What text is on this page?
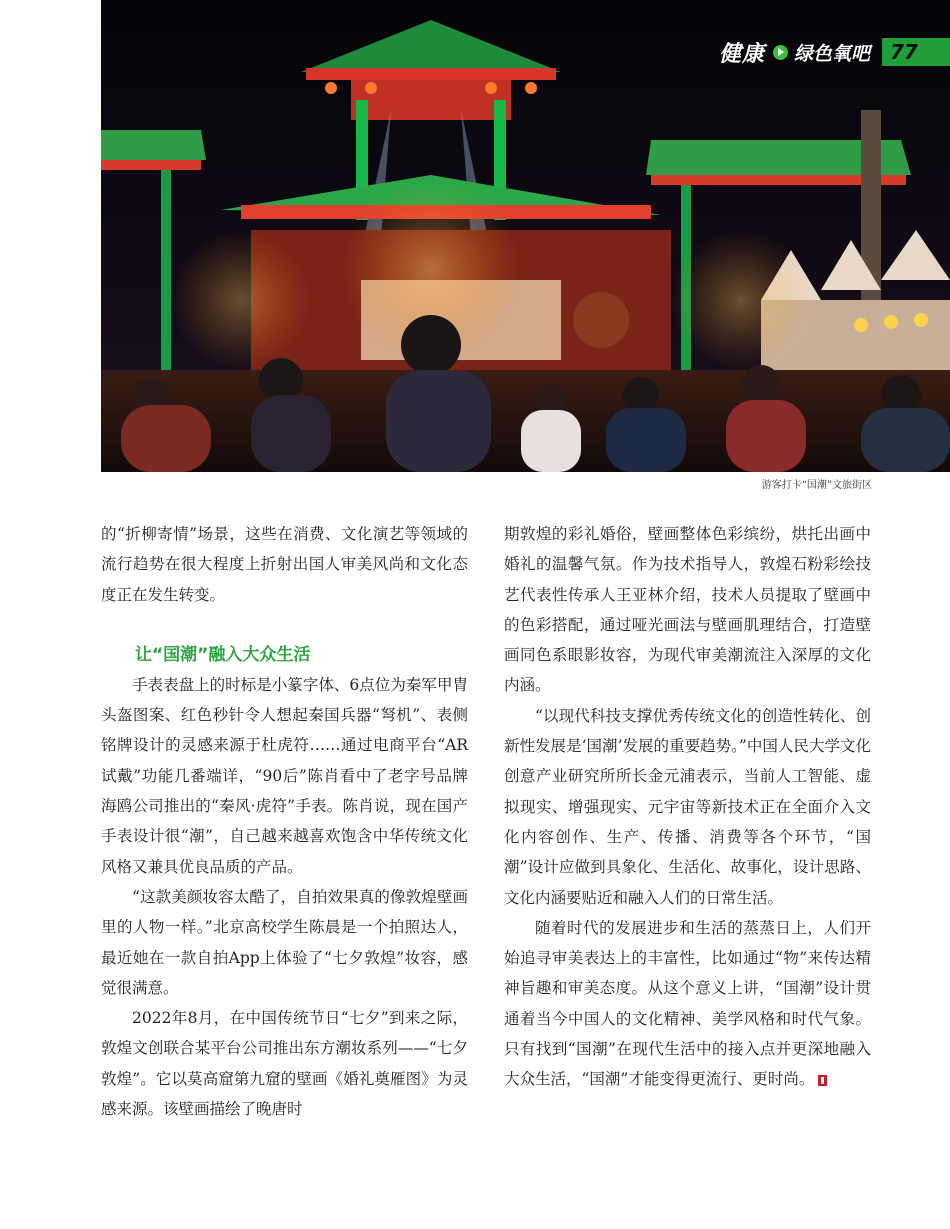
健康 绿色氧吧	77
游客打卡“国潮”文旅街区

的“折柳寄情”场景，这些在消费、文化演艺等领域的流行趋势在很大程度上折射出国人审美风尚和文化态度正在发生转变。

让“国潮”融入大众生活

手表表盘上的时标是小篆字体、6点位为秦军甲胄头盔图案、红色秒针令人想起秦国兵器“弩机”、表侧铭牌设计的灵感来源于杜虎符……通过电商平台“AR试戴”功能几番端详，“90后”陈肖看中了老字号品牌海鸥公司推出的“秦风·虎符”手表。陈肖说，现在国产手表设计很“潮”，自己越来越喜欢饱含中华传统文化风格又兼具优良品质的产品。

“这款美颜妆容太酷了，自拍效果真的像敦煌壁画里的人物一样。”北京高校学生陈晨是一个拍照达人，最近她在一款自拍App上体验了“七夕敦煌”妆容，感觉很满意。

2022年8月，在中国传统节日“七夕”到来之际，敦煌文创联合某平台公司推出东方潮妆系列——“七夕敦煌”。它以莫高窟第九窟的壁画《婚礼奠雁图》为灵感来源。该壁画描绘了晚唐时

期敦煌的彩礼婚俗，壁画整体色彩缤纷，烘托出画中婚礼的温馨气氛。作为技术指导人，敦煌石粉彩绘技艺代表性传承人王亚林介绍，技术人员提取了壁画中的色彩搭配，通过哑光画法与壁画肌理结合，打造壁画同色系眼影妆容，为现代审美潮流注入深厚的文化内涵。

“以现代科技支撑优秀传统文化的创造性转化、创新性发展是‘国潮’发展的重要趋势。”中国人民大学文化创意产业研究所所长金元浦表示，当前人工智能、虚拟现实、增强现实、元宇宙等新技术正在全面介入文化内容创作、生产、传播、消费等各个环节，“国潮”设计应做到具象化、生活化、故事化，设计思路、文化内涵要贴近和融入人们的日常生活。

随着时代的发展进步和生活的蒸蒸日上，人们开始追寻审美表达上的丰富性，比如通过“物”来传达精神旨趣和审美态度。从这个意义上讲，“国潮”设计贯通着当今中国人的文化精神、美学风格和时代气象。只有找到“国潮”在现代生活中的接入点并更深地融入大众生活，“国潮”才能变得更流行、更时尚。
